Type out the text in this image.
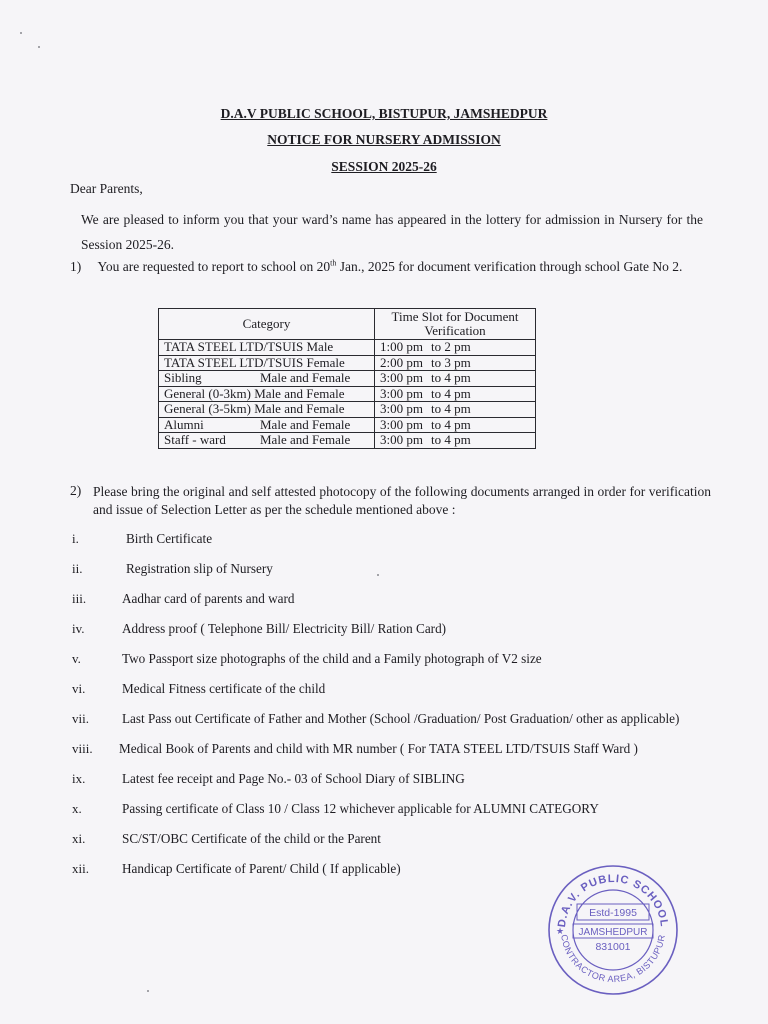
D.A.V PUBLIC SCHOOL, BISTUPUR, JAMSHEDPUR
NOTICE FOR NURSERY ADMISSION
SESSION 2025-26
Dear Parents,
We are pleased to inform you that your ward’s name has appeared in the lottery for admission in Nursery for the Session 2025-26.
1) You are requested to report to school on 20th Jan., 2025 for document verification through school Gate No 2.
Category	Time Slot for Document Verification
TATA STEEL LTD/TSUIS Male	1:00 pm to 2 pm
TATA STEEL LTD/TSUIS Female	2:00 pm to 3 pm
Sibling Male and Female	3:00 pm to 4 pm
General (0-3km) Male and Female	3:00 pm to 4 pm
General (3-5km) Male and Female	3:00 pm to 4 pm
Alumni Male and Female	3:00 pm to 4 pm
Staff - ward Male and Female	3:00 pm to 4 pm
2) Please bring the original and self attested photocopy of the following documents arranged in order for verification and issue of Selection Letter as per the schedule mentioned above :
i.	Birth Certificate
ii.	Registration slip of Nursery
iii.	Aadhar card of parents and ward
iv.	Address proof ( Telephone Bill/ Electricity Bill/ Ration Card)
v.	Two Passport size photographs of the child and a Family photograph of V2 size
vi.	Medical Fitness certificate of the child
vii.	Last Pass out Certificate of Father and Mother (School /Graduation/ Post Graduation/ other as applicable)
viii. Medical Book of Parents and child with MR number ( For TATA STEEL LTD/TSUIS Staff Ward )
ix.	Latest fee receipt and Page No.- 03 of School Diary of SIBLING
x.	Passing certificate of Class 10 / Class 12 whichever applicable for ALUMNI CATEGORY
xi.	SC/ST/OBC Certificate of the child or the Parent
xii.	Handicap Certificate of Parent/ Child ( If applicable)
D.A.V. PUBLIC SCHOOL
CONTRACTOR AREA, BISTUPUR
Estd-1995
JAMSHEDPUR
831001
★
